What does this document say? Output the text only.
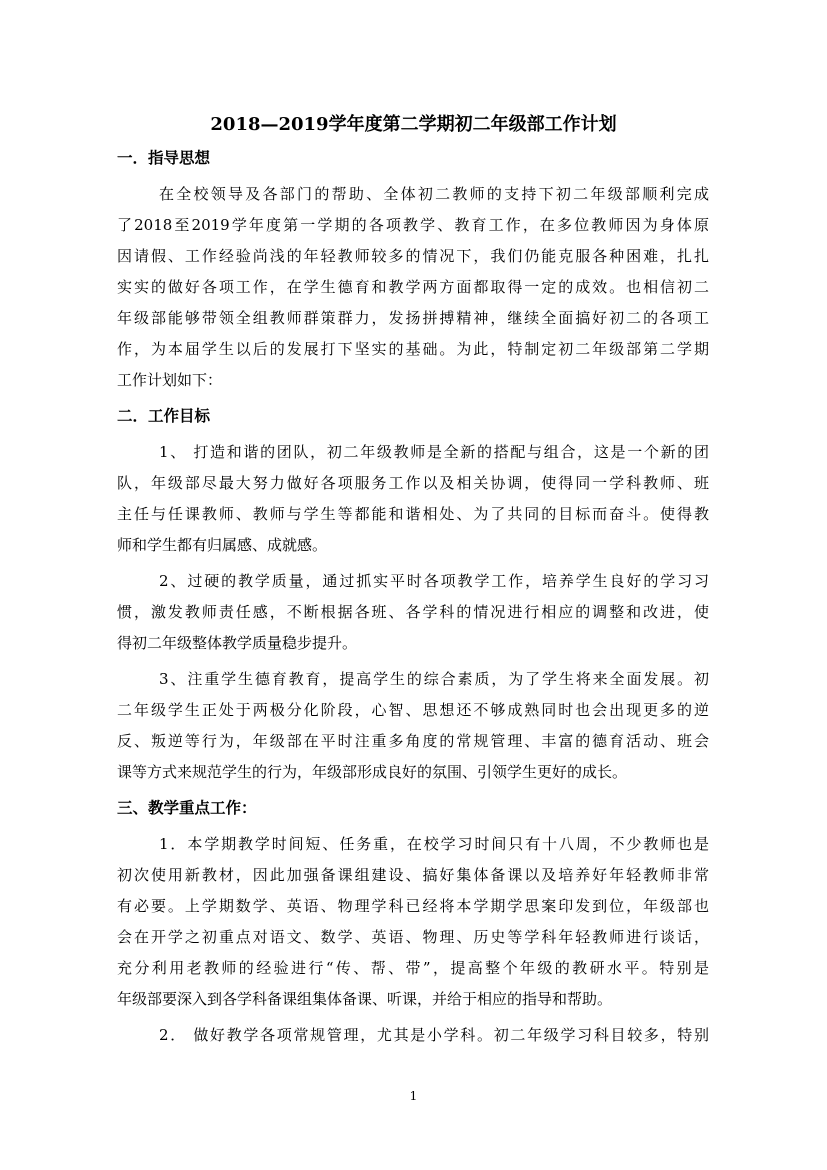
2018—2019学年度第二学期初二年级部工作计划
一．指导思想
在全校领导及各部门的帮助、全体初二教师的支持下初二年级部顺利完成
了2018至2019学年度第一学期的各项教学、教育工作，在多位教师因为身体原
因请假、工作经验尚浅的年轻教师较多的情况下，我们仍能克服各种困难，扎扎
实实的做好各项工作，在学生德育和教学两方面都取得一定的成效。也相信初二
年级部能够带领全组教师群策群力，发扬拼搏精神，继续全面搞好初二的各项工
作，为本届学生以后的发展打下坚实的基础。为此，特制定初二年级部第二学期
工作计划如下：
二．工作目标
1、 打造和谐的团队，初二年级教师是全新的搭配与组合，这是一个新的团
队，年级部尽最大努力做好各项服务工作以及相关协调，使得同一学科教师、班
主任与任课教师、教师与学生等都能和谐相处、为了共同的目标而奋斗。使得教
师和学生都有归属感、成就感。
2、过硬的教学质量，通过抓实平时各项教学工作，培养学生良好的学习习
惯，激发教师责任感，不断根据各班、各学科的情况进行相应的调整和改进，使
得初二年级整体教学质量稳步提升。
3、注重学生德育教育，提高学生的综合素质，为了学生将来全面发展。初
二年级学生正处于两极分化阶段，心智、思想还不够成熟同时也会出现更多的逆
反、叛逆等行为，年级部在平时注重多角度的常规管理、丰富的德育活动、班会
课等方式来规范学生的行为，年级部形成良好的氛围、引领学生更好的成长。
三、教学重点工作：
1．本学期教学时间短、任务重，在校学习时间只有十八周，不少教师也是
初次使用新教材，因此加强备课组建设、搞好集体备课以及培养好年轻教师非常
有必要。上学期数学、英语、物理学科已经将本学期学思案印发到位，年级部也
会在开学之初重点对语文、数学、英语、物理、历史等学科年轻教师进行谈话，
充分利用老教师的经验进行“传、帮、带”，提高整个年级的教研水平。特别是
年级部要深入到各学科备课组集体备课、听课，并给于相应的指导和帮助。
2． 做好教学各项常规管理，尤其是小学科。初二年级学习科目较多，特别
1
